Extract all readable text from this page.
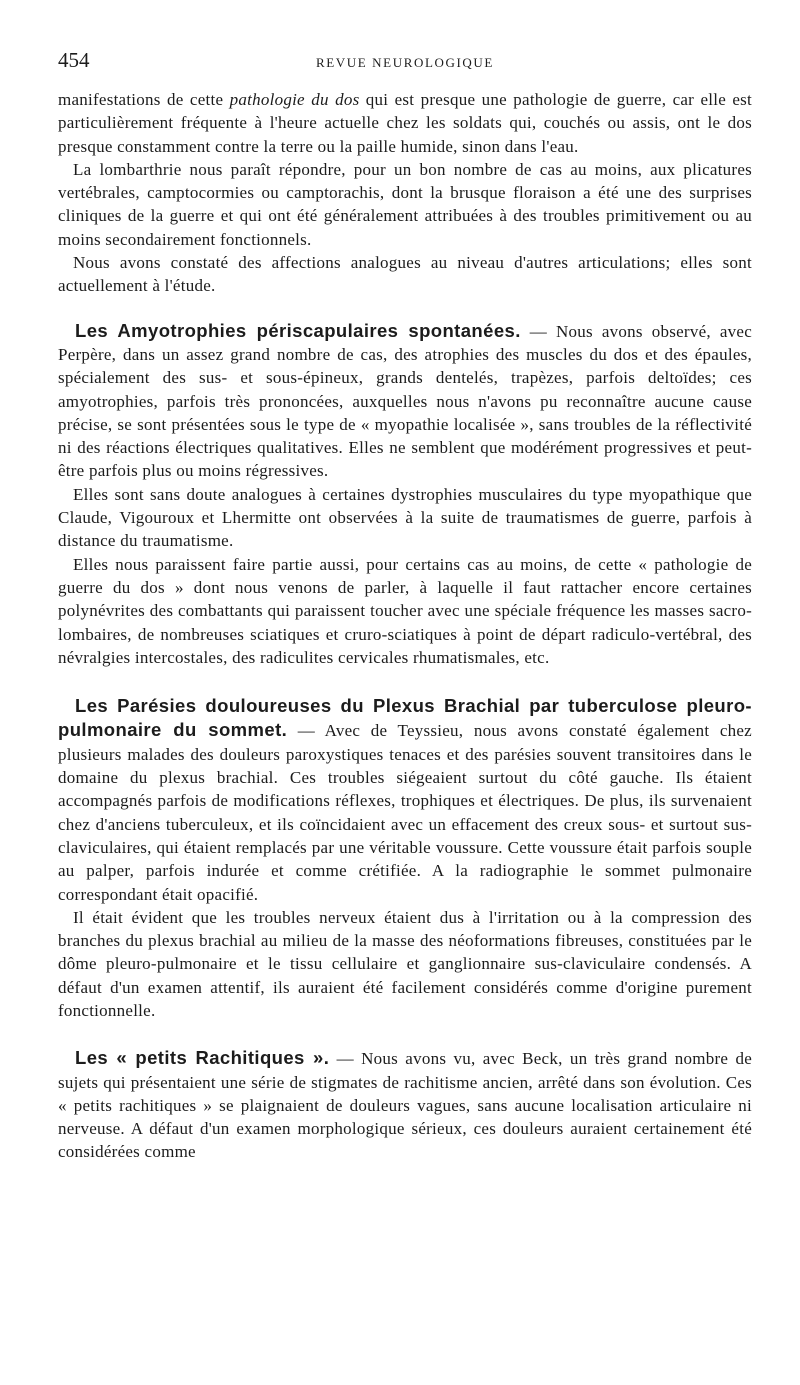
454	REVUE NEUROLOGIQUE

manifestations de cette pathologie du dos qui est presque une pathologie de guerre, car elle est particulièrement fréquente à l'heure actuelle chez les soldats qui, couchés ou assis, ont le dos presque constamment contre la terre ou la paille humide, sinon dans l'eau.

La lombarthrie nous paraît répondre, pour un bon nombre de cas au moins, aux plicatures vertébrales, camptocormies ou camptorachis, dont la brusque floraison a été une des surprises cliniques de la guerre et qui ont été généralement attribuées à des troubles primitivement ou au moins secondairement fonctionnels.

Nous avons constaté des affections analogues au niveau d'autres articulations; elles sont actuellement à l'étude.

Les Amyotrophies périscapulaires spontanées. — Nous avons observé, avec Perpère, dans un assez grand nombre de cas, des atrophies des muscles du dos et des épaules, spécialement des sus- et sous-épineux, grands dentelés, trapèzes, parfois deltoïdes; ces amyotrophies, parfois très prononcées, auxquelles nous n'avons pu reconnaître aucune cause précise, se sont présentées sous le type de « myopathie localisée », sans troubles de la réflectivité ni des réactions électriques qualitatives. Elles ne semblent que modérément progressives et peut-être parfois plus ou moins régressives.

Elles sont sans doute analogues à certaines dystrophies musculaires du type myopathique que Claude, Vigouroux et Lhermitte ont observées à la suite de traumatismes de guerre, parfois à distance du traumatisme.

Elles nous paraissent faire partie aussi, pour certains cas au moins, de cette « pathologie de guerre du dos » dont nous venons de parler, à laquelle il faut rattacher encore certaines polynévrites des combattants qui paraissent toucher avec une spéciale fréquence les masses sacro-lombaires, de nombreuses sciatiques et cruro-sciatiques à point de départ radiculo-vertébral, des névralgies intercostales, des radiculites cervicales rhumatismales, etc.

Les Parésies douloureuses du Plexus Brachial par tuberculose pleuro-pulmonaire du sommet. — Avec de Teyssieu, nous avons constaté également chez plusieurs malades des douleurs paroxystiques tenaces et des parésies souvent transitoires dans le domaine du plexus brachial. Ces troubles siégeaient surtout du côté gauche. Ils étaient accompagnés parfois de modifications réflexes, trophiques et électriques. De plus, ils survenaient chez d'anciens tuberculeux, et ils coïncidaient avec un effacement des creux sous- et surtout sus-claviculaires, qui étaient remplacés par une véritable voussure. Cette voussure était parfois souple au palper, parfois indurée et comme crétifiée. A la radiographie le sommet pulmonaire correspondant était opacifié.

Il était évident que les troubles nerveux étaient dus à l'irritation ou à la compression des branches du plexus brachial au milieu de la masse des néoformations fibreuses, constituées par le dôme pleuro-pulmonaire et le tissu cellulaire et ganglionnaire sus-claviculaire condensés. A défaut d'un examen attentif, ils auraient été facilement considérés comme d'origine purement fonctionnelle.

Les « petits Rachitiques ». — Nous avons vu, avec Beck, un très grand nombre de sujets qui présentaient une série de stigmates de rachitisme ancien, arrêté dans son évolution. Ces « petits rachitiques » se plaignaient de douleurs vagues, sans aucune localisation articulaire ni nerveuse. A défaut d'un examen morphologique sérieux, ces douleurs auraient certainement été considérées comme
